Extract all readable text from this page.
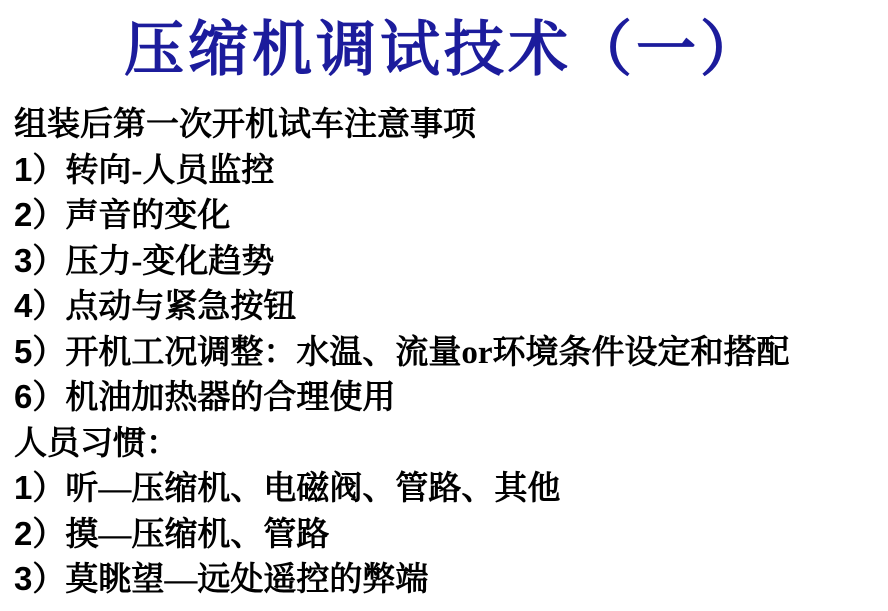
压缩机调试技术（一）
组装后第一次开机试车注意事项
1）转向-人员监控
2）声音的变化
3）压力-变化趋势
4）点动与紧急按钮
5）开机工况调整：水温、流量or环境条件设定和搭配
6）机油加热器的合理使用
人员习惯：
1）听—压缩机、电磁阀、管路、其他
2）摸—压缩机、管路
3）莫眺望—远处遥控的弊端
